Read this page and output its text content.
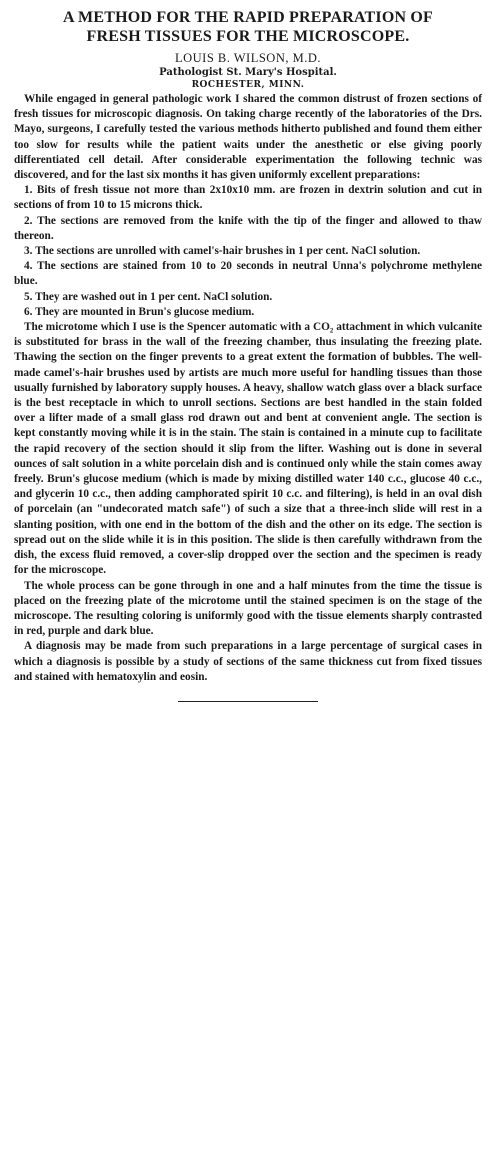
A METHOD FOR THE RAPID PREPARATION OF
FRESH TISSUES FOR THE MICROSCOPE.
LOUIS B. WILSON, M.D.
Pathologist St. Mary's Hospital.
ROCHESTER, MINN.

While engaged in general pathologic work I shared the common distrust of frozen sections of fresh tissues for microscopic diagnosis. On taking charge recently of the laboratories of the Drs. Mayo, surgeons, I carefully tested the various methods hitherto published and found them either too slow for results while the patient waits under the anesthetic or else giving poorly differentiated cell detail. After considerable experimentation the following technic was discovered, and for the last six months it has given uniformly excellent preparations:

1. Bits of fresh tissue not more than 2x10x10 mm. are frozen in dextrin solution and cut in sections of from 10 to 15 microns thick.

2. The sections are removed from the knife with the tip of the finger and allowed to thaw thereon.

3. The sections are unrolled with camel's-hair brushes in 1 per cent. NaCl solution.

4. The sections are stained from 10 to 20 seconds in neutral Unna's polychrome methylene blue.

5. They are washed out in 1 per cent. NaCl solution.

6. They are mounted in Brun's glucose medium.

The microtome which I use is the Spencer automatic with a CO₂ attachment in which vulcanite is substituted for brass in the wall of the freezing chamber, thus insulating the freezing plate. Thawing the section on the finger prevents to a great extent the formation of bubbles. The well-made camel's-hair brushes used by artists are much more useful for handling tissues than those usually furnished by laboratory supply houses. A heavy, shallow watch glass over a black surface is the best receptacle in which to unroll sections. Sections are best handled in the stain folded over a lifter made of a small glass rod drawn out and bent at convenient angle. The section is kept constantly moving while it is in the stain. The stain is contained in a minute cup to facilitate the rapid recovery of the section should it slip from the lifter. Washing out is done in several ounces of salt solution in a white porcelain dish and is continued only while the stain comes away freely. Brun's glucose medium (which is made by mixing distilled water 140 c.c., glucose 40 c.c., and glycerin 10 c.c., then adding camphorated spirit 10 c.c. and filtering), is held in an oval dish of porcelain (an "undecorated match safe") of such a size that a three-inch slide will rest in a slanting position, with one end in the bottom of the dish and the other on its edge. The section is spread out on the slide while it is in this position. The slide is then carefully withdrawn from the dish, the excess fluid removed, a cover-slip dropped over the section and the specimen is ready for the microscope.

The whole process can be gone through in one and a half minutes from the time the tissue is placed on the freezing plate of the microtome until the stained specimen is on the stage of the microscope. The resulting coloring is uniformly good with the tissue elements sharply contrasted in red, purple and dark blue.

A diagnosis may be made from such preparations in a large percentage of surgical cases in which a diagnosis is possible by a study of sections of the same thickness cut from fixed tissues and stained with hematoxylin and eosin.
